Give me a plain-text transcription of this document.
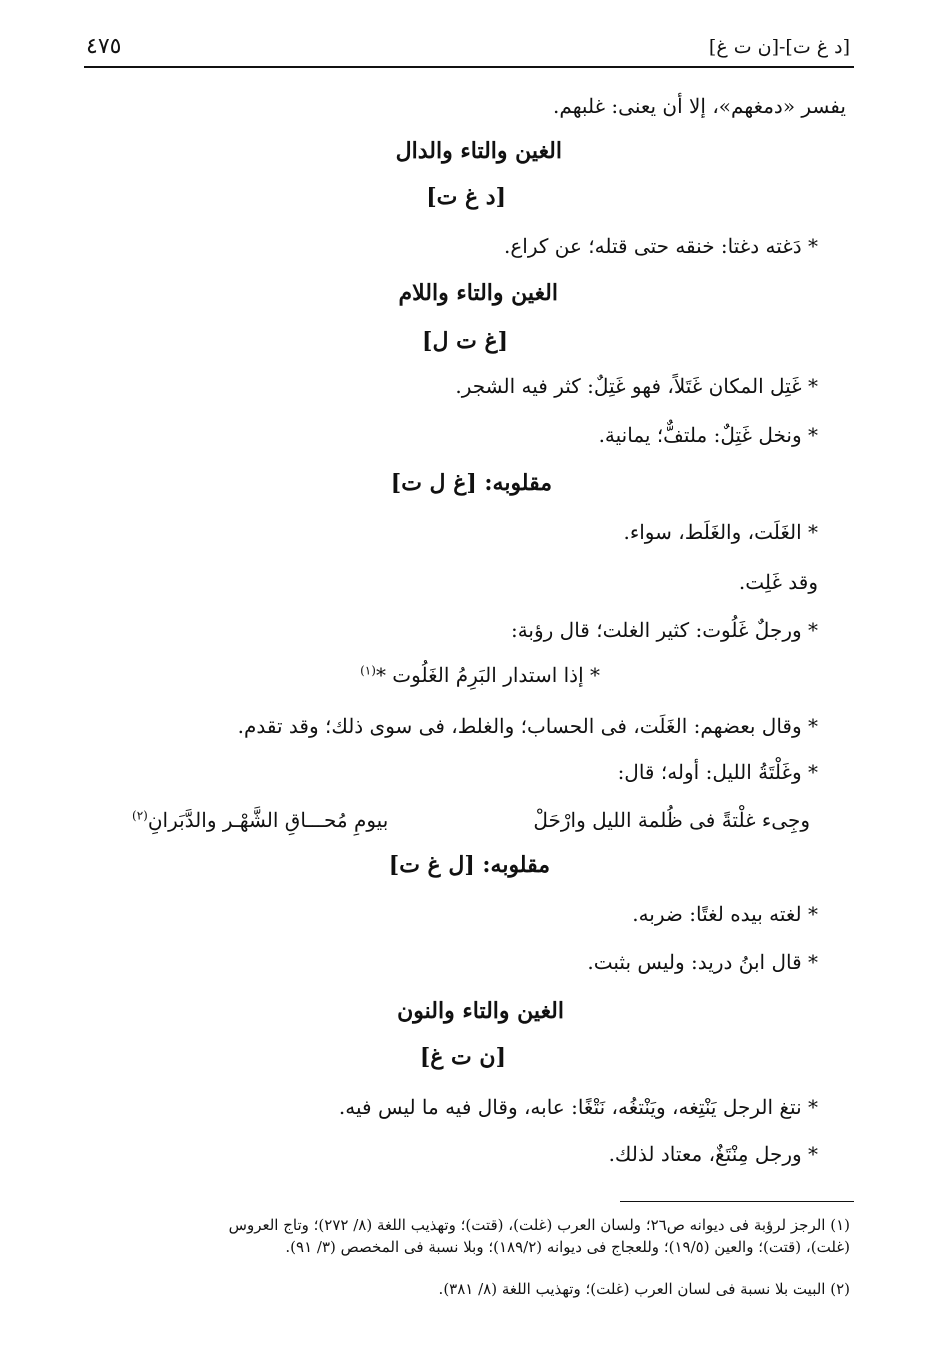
[د غ ت]-[ن ت غ]
٤٧٥
يفسر «دمغهم»، إلا أن يعنى: غلبهم.
الغين والتاء والدال
[د غ ت]
* دَغته دغتا: خنقه حتى قتله؛ عن كراع.
الغين والتاء واللام
[غ ت ل]
* غَتِل المكان غَتَلاً، فهو غَتِلٌ: كثر فيه الشجر.
* ونخل غَتِلٌ: ملتفٌّ؛ يمانية.
مقلوبه: [غ ل ت]
* الغَلَت، والغَلَط، سواء.
وقد غَلِت.
* ورجلٌ غَلُوت: كثير الغلت؛ قال رؤبة:
* إذا استدار البَرِمُ الغَلُوت *$^{(١)}$
* وقال بعضهم: الغَلَت، فى الحساب؛ والغلط، فى سوى ذلك؛ وقد تقدم.
* وغَلْتَةُ الليل: أوله؛ قال:
وجِىء غلْتةً فى ظُلمة الليل وارْحَلْ
بيومِ مُحـــاقِ الشَّهْـر والدَّبَرانِ$^{(٢)}$
مقلوبه: [ل غ ت]
* لغته بيده لغتًا: ضربه.
* قال ابنُ دريد: وليس بثبت.
الغين والتاء والنون
[ن ت غ]
* نتغ الرجل يَنْتِغه، ويَنْتغُه، نَتْغًا: عابه، وقال فيه ما ليس فيه.
* ورجل مِنْتَغٌ، معتاد لذلك.
(١) الرجز لرؤبة فى ديوانه ص٢٦؛ ولسان العرب (غلت)، (قتت)؛ وتهذيب اللغة (٨/ ٢٧٢)؛ وتاج العروس
(غلت)، (قتت)؛ والعين (١٩/٥)؛ وللعجاج فى ديوانه (١٨٩/٢)؛ وبلا نسبة فى المخصص (٣/ ٩١).
(٢) البيت بلا نسبة فى لسان العرب (غلت)؛ وتهذيب اللغة (٨/ ٣٨١).
